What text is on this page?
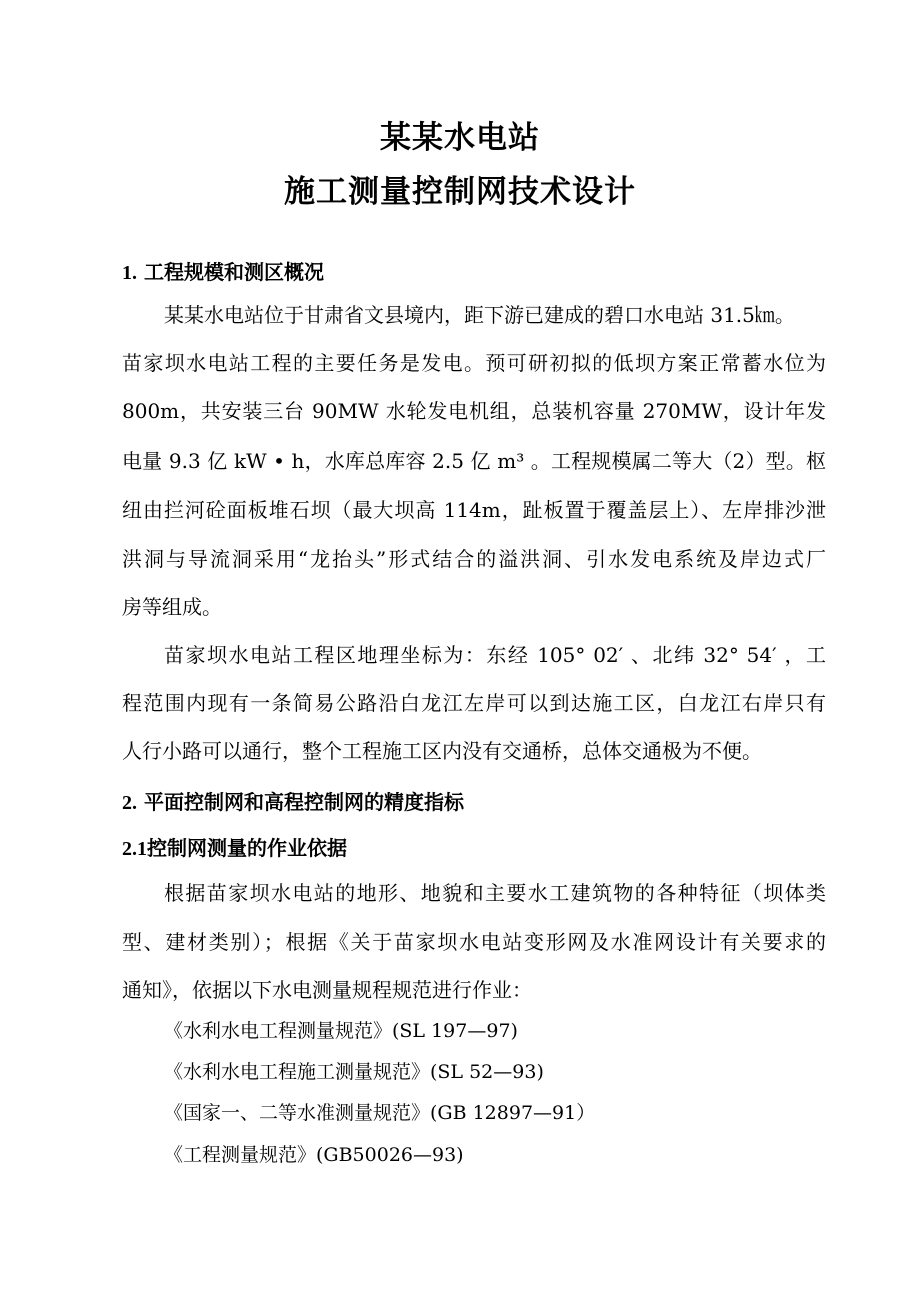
某某水电站
施工测量控制网技术设计
1. 工程规模和测区概况
某某水电站位于甘肃省文县境内，距下游已建成的碧口水电站 31.5㎞。
苗家坝水电站工程的主要任务是发电。预可研初拟的低坝方案正常蓄水位为
800m，共安装三台 90MW 水轮发电机组，总装机容量 270MW，设计年发
电量 9.3 亿 kW • h，水库总库容 2.5 亿 m³ 。工程规模属二等大（2）型。枢
纽由拦河砼面板堆石坝（最大坝高 114m，趾板置于覆盖层上）、左岸排沙泄
洪洞与导流洞采用“龙抬头”形式结合的溢洪洞、引水发电系统及岸边式厂
房等组成。
苗家坝水电站工程区地理坐标为：东经 105° 02′ 、北纬 32° 54′ ，工
程范围内现有一条简易公路沿白龙江左岸可以到达施工区，白龙江右岸只有
人行小路可以通行，整个工程施工区内没有交通桥，总体交通极为不便。
2. 平面控制网和高程控制网的精度指标
2.1控制网测量的作业依据
根据苗家坝水电站的地形、地貌和主要水工建筑物的各种特征（坝体类
型、建材类别）；根据《关于苗家坝水电站变形网及水准网设计有关要求的
通知》，依据以下水电测量规程规范进行作业：
《水利水电工程测量规范》(SL 197—97)
《水利水电工程施工测量规范》(SL 52—93)
《国家一、二等水准测量规范》(GB 12897—91）
《工程测量规范》(GB50026—93)
